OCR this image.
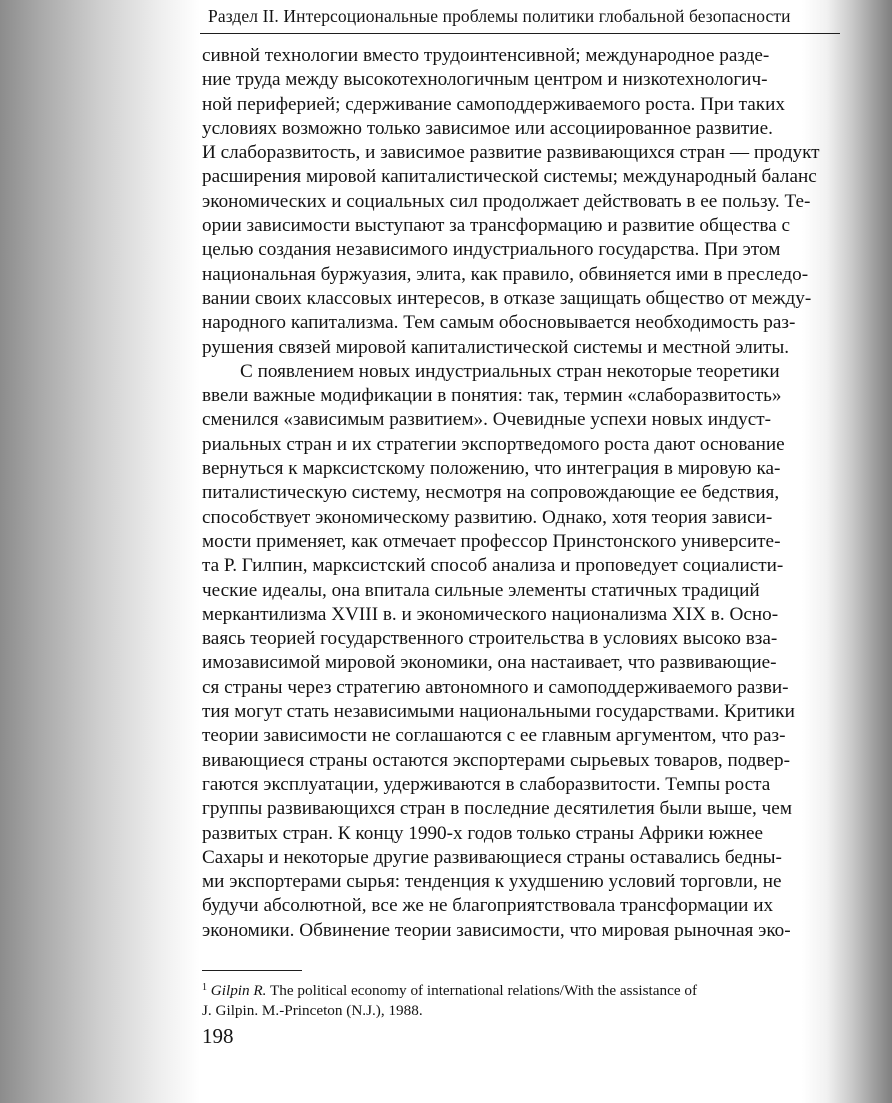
Раздел II. Интерсоциональные проблемы политики глобальной безопасности
сивной технологии вместо трудоинтенсивной; международное разде-
ние труда между высокотехнологичным центром и низкотехнологич-
ной периферией; сдерживание самоподдерживаемого роста. При таких
условиях возможно только зависимое или ассоциированное развитие.
И слаборазвитость, и зависимое развитие развивающихся стран — продукт
расширения мировой капиталистической системы; международный баланс
экономических и социальных сил продолжает действовать в ее пользу. Те-
ории зависимости выступают за трансформацию и развитие общества с
целью создания независимого индустриального государства. При этом
национальная буржуазия, элита, как правило, обвиняется ими в преследо-
вании своих классовых интересов, в отказе защищать общество от между-
народного капитализма. Тем самым обосновывается необходимость раз-
рушения связей мировой капиталистической системы и местной элиты.
С появлением новых индустриальных стран некоторые теоретики
ввели важные модификации в понятия: так, термин «слаборазвитость»
сменился «зависимым развитием». Очевидные успехи новых индуст-
риальных стран и их стратегии экспортведомого роста дают основание
вернуться к марксистскому положению, что интеграция в мировую ка-
питалистическую систему, несмотря на сопровождающие ее бедствия,
способствует экономическому развитию. Однако, хотя теория зависи-
мости применяет, как отмечает профессор Принстонского университе-
та Р. Гилпин, марксистский способ анализа и проповедует социалисти-
ческие идеалы, она впитала сильные элементы статичных традиций
меркантилизма XVIII в. и экономического национализма XIX в. Осно-
ваясь теорией государственного строительства в условиях высоко вза-
имозависимой мировой экономики, она настаивает, что развивающие-
ся страны через стратегию автономного и самоподдерживаемого разви-
тия могут стать независимыми национальными государствами. Критики
теории зависимости не соглашаются с ее главным аргументом, что раз-
вивающиеся страны остаются экспортерами сырьевых товаров, подвер-
гаются эксплуатации, удерживаются в слаборазвитости. Темпы роста
группы развивающихся стран в последние десятилетия были выше, чем
развитых стран. К концу 1990-х годов только страны Африки южнее
Сахары и некоторые другие развивающиеся страны оставались бедны-
ми экспортерами сырья: тенденция к ухудшению условий торговли, не
будучи абсолютной, все же не благоприятствовала трансформации их
экономики. Обвинение теории зависимости, что мировая рыночная эко-
$^1$ Gilpin R. The political economy of international relations/With the assistance of
J. Gilpin. M.-Princeton (N.J.), 1988.
198
